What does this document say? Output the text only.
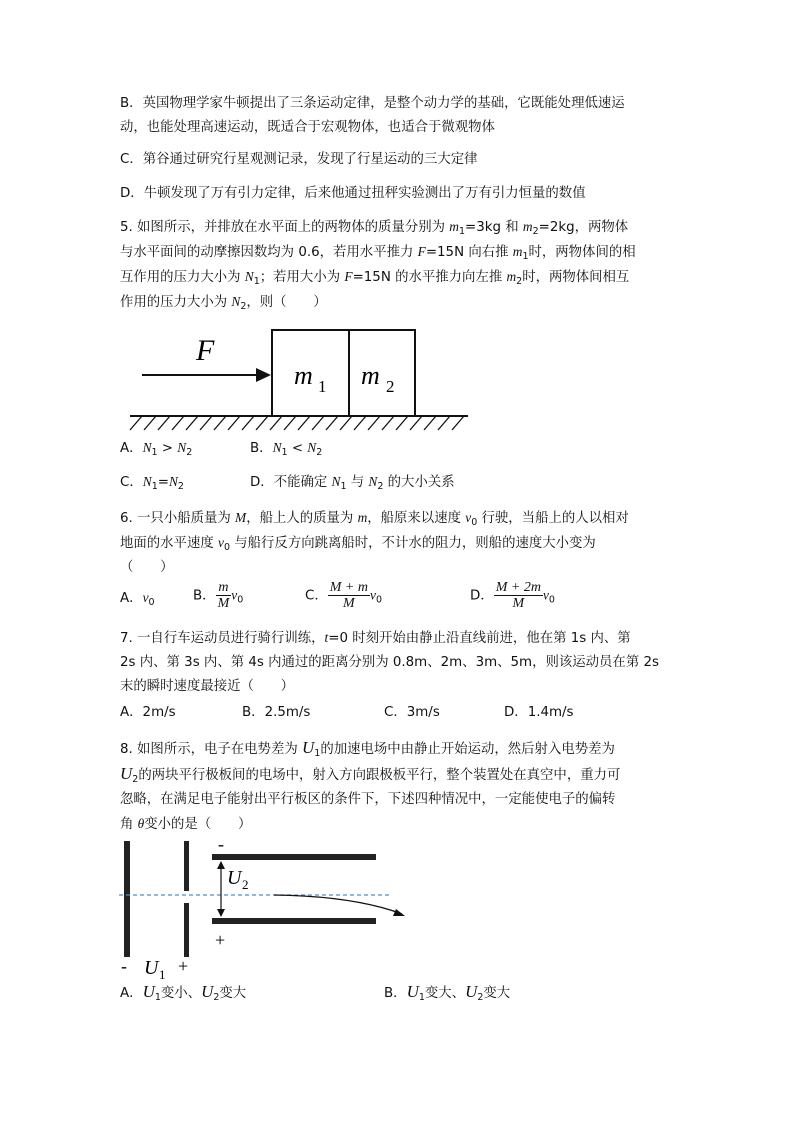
B．英国物理学家牛顿提出了三条运动定律，是整个动力学的基础，它既能处理低速运
动，也能处理高速运动，既适合于宏观物体，也适合于微观物体
C．第谷通过研究行星观测记录，发现了行星运动的三大定律
D．牛顿发现了万有引力定律，后来他通过扭秤实验测出了万有引力恒量的数值
5. 如图所示，并排放在水平面上的两物体的质量分别为 $m_1=3kg$ 和 $m_2=2kg$，两物体
与水平面间的动摩擦因数均为 0.6，若用水平推力 F=15N 向右推 $m_1$时，两物体间的相
互作用的压力大小为 $N_1$；若用大小为 F=15N 的水平推力向左推 $m_2$时，两物体间相互
作用的压力大小为 $N_2$，则（　　）
F
m 1 m 2
A．$N_1 > N_2$	B．$N_1 < N_2$
C．$N_1=N_2$	D．不能确定 $N_1$ 与 $N_2$ 的大小关系
6. 一只小船质量为 M，船上人的质量为 m，船原来以速度 $v_0$ 行驶，当船上的人以相对
地面的水平速度 $v_0$ 与船行反方向跳离船时，不计水的阻力，则船的速度大小变为
（　　）
A．$v_0$	B． $\frac{m}{M} v_0$	C． $\frac{M + m}{M} v_0$	D． $\frac{M + 2m}{M} v_0$
7. 一自行车运动员进行骑行训练，t=0 时刻开始由静止沿直线前进，他在第 1s 内、第
2s 内、第 3s 内、第 4s 内通过的距离分别为 0.8m、2m、3m、5m，则该运动员在第 2s
末的瞬时速度最接近（　　）
A．2m/s	B．2.5m/s	C．3m/s	D．1.4m/s
8. 如图所示，电子在电势差为 $U_1$的加速电场中由静止开始运动，然后射入电势差为
$U_2$的两块平行极板间的电场中，射入方向跟极板平行，整个装置处在真空中，重力可
忽略，在满足电子能射出平行板区的条件下，下述四种情况中，一定能使电子的偏转
角 θ变小的是（　　）
-
+
U 2
-	+
U 1
A．$U_1$变小、$U_2$变大	B．$U_1$变大、$U_2$变大
